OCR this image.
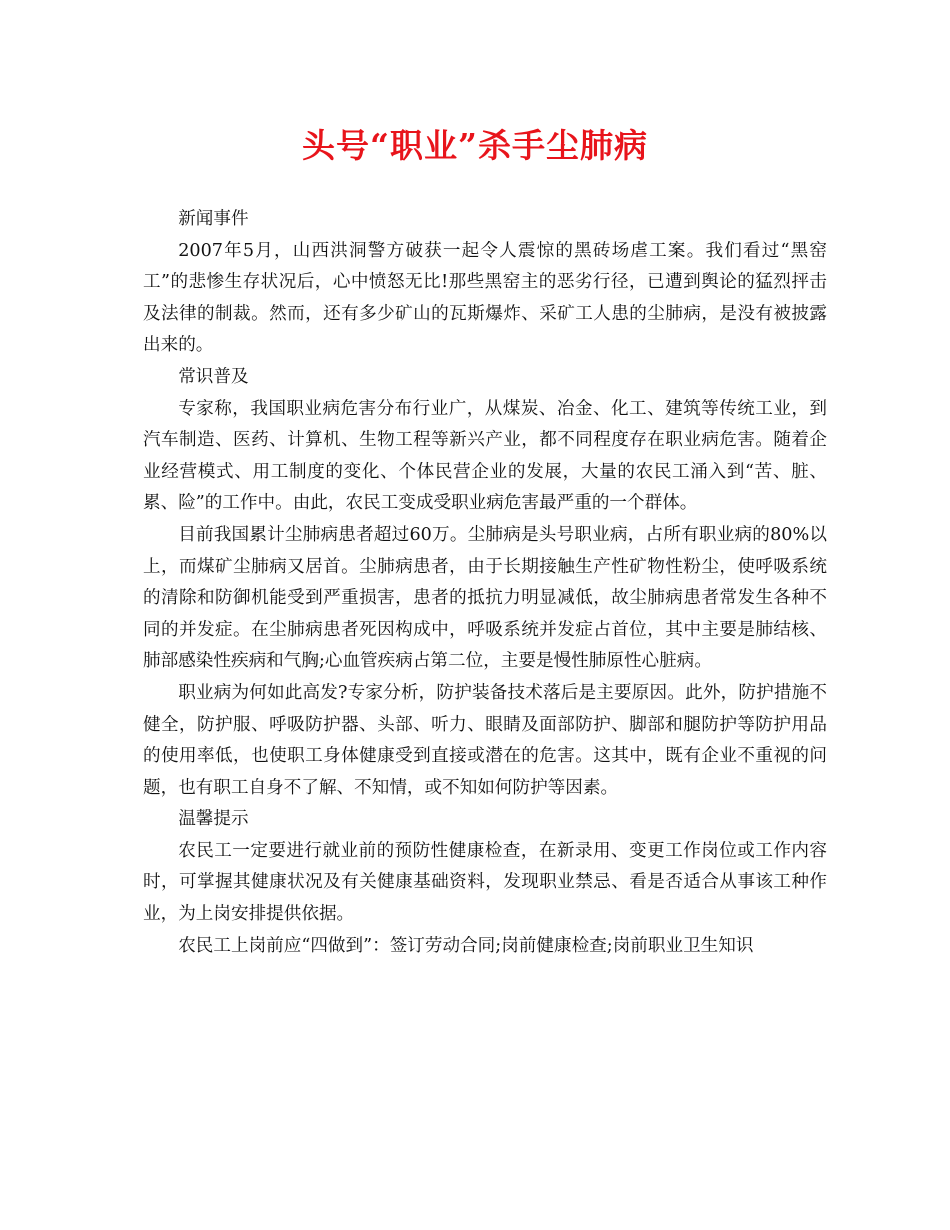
头号“职业”杀手尘肺病

新闻事件

2007年5月，山西洪洞警方破获一起令人震惊的黑砖场虐工案。我们看过“黑窑工”的悲惨生存状况后，心中愤怒无比!那些黑窑主的恶劣行径，已遭到舆论的猛烈抨击及法律的制裁。然而，还有多少矿山的瓦斯爆炸、采矿工人患的尘肺病，是没有被披露出来的。

常识普及

专家称，我国职业病危害分布行业广，从煤炭、冶金、化工、建筑等传统工业，到汽车制造、医药、计算机、生物工程等新兴产业，都不同程度存在职业病危害。随着企业经营模式、用工制度的变化、个体民营企业的发展，大量的农民工涌入到“苦、脏、累、险”的工作中。由此，农民工变成受职业病危害最严重的一个群体。

目前我国累计尘肺病患者超过60万。尘肺病是头号职业病，占所有职业病的80%以上，而煤矿尘肺病又居首。尘肺病患者，由于长期接触生产性矿物性粉尘，使呼吸系统的清除和防御机能受到严重损害，患者的抵抗力明显减低，故尘肺病患者常发生各种不同的并发症。在尘肺病患者死因构成中，呼吸系统并发症占首位，其中主要是肺结核、肺部感染性疾病和气胸;心血管疾病占第二位，主要是慢性肺原性心脏病。

职业病为何如此高发?专家分析，防护装备技术落后是主要原因。此外，防护措施不健全，防护服、呼吸防护器、头部、听力、眼睛及面部防护、脚部和腿防护等防护用品的使用率低，也使职工身体健康受到直接或潜在的危害。这其中，既有企业不重视的问题，也有职工自身不了解、不知情，或不知如何防护等因素。

温馨提示

农民工一定要进行就业前的预防性健康检查，在新录用、变更工作岗位或工作内容时，可掌握其健康状况及有关健康基础资料，发现职业禁忌、看是否适合从事该工种作业，为上岗安排提供依据。

农民工上岗前应“四做到”：签订劳动合同;岗前健康检查;岗前职业卫生知识
